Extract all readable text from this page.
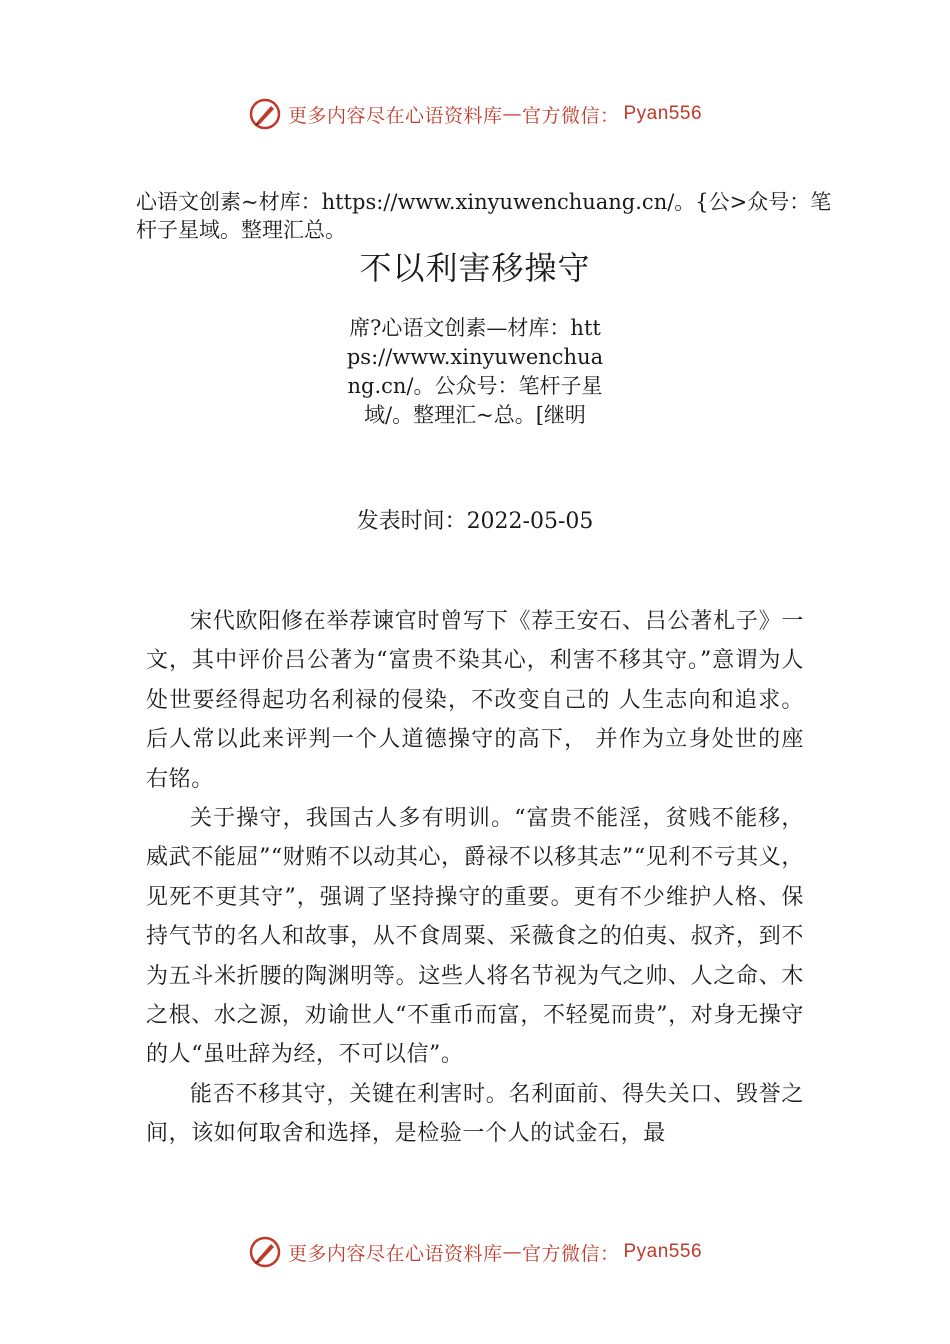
更多内容尽在心语资料库 — 官方微信： Pyan556
心语文创素~材库：https://www.xinyuwenchuang.cn/。{公>众号：笔杆子星域。整理汇总。
不以利害移操守
席?心语文创素—材库：https://www.xinyuwenchuang.cn/。公众号：笔杆子星域/。整理汇~总。[继明
发表时间：2022-05-05

宋代欧阳修在举荐谏官时曾写下《荐王安石、吕公著札子》一文，其中评价吕公著为“富贵不染其心，利害不移其守。”意谓为人处世要经得起功名利禄的侵染，不改变自己的 人生志向和追求。后人常以此来评判一个人道德操守的高下， 并作为立身处世的座右铭。

关于操守，我国古人多有明训。“富贵不能淫，贫贱不能移，威武不能屈”“财贿不以动其心，爵禄不以移其志”“见利不亏其义，见死不更其守”，强调了坚持操守的重要。更有不少维护人格、保持气节的名人和故事，从不食周粟、采薇食之的伯夷、叔齐，到不为五斗米折腰的陶渊明等。这些人将名节视为气之帅、人之命、木之根、水之源，劝谕世人“不重币而富，不轻冕而贵”，对身无操守的人“虽吐辞为经，不可以信”。

能否不移其守，关键在利害时。名利面前、得失关口、毁誉之间，该如何取舍和选择，是检验一个人的试金石，最

更多内容尽在心语资料库 — 官方微信： Pyan556
